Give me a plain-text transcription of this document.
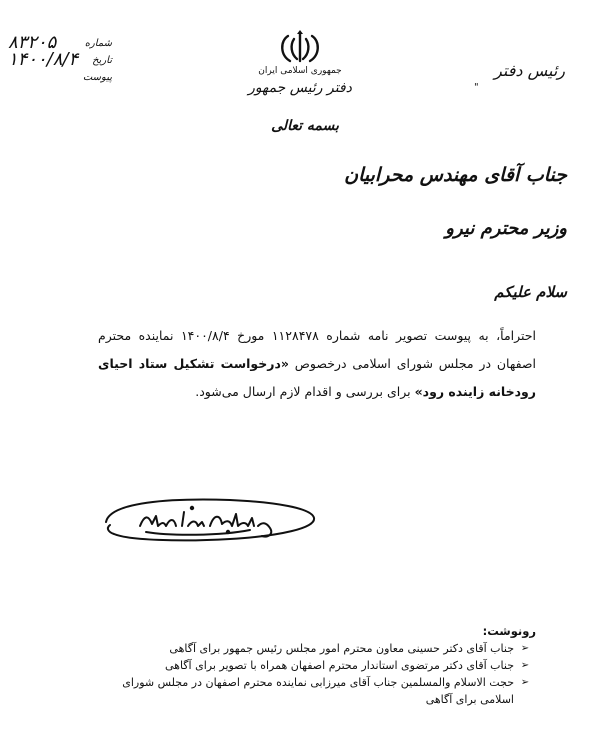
۸۳۲۰۵	شماره
۱۴۰۰/۸/۴ تاریخ
پیوست
جمهوری اسلامی ایران
دفتر رئیس جمهور
رئیس دفتر
"
بسمه تعالی
جناب آقای مهندس محرابیان
وزیر محترم نیرو
سلام علیکم
احتراماً، به پیوست تصویر نامه شماره ۱۱۲۸۴۷۸ مورخ ۱۴۰۰/۸/۴ نماینده محترم اصفهان در مجلس شورای اسلامی درخصوص «درخواست تشکیل ستاد احیای رودخانه زاینده رود» برای بررسی و اقدام لازم ارسال می‌شود.
رونوشت:
➢
جناب آقای دکتر حسینی معاون محترم امور مجلس رئیس جمهور برای آگاهی
➢
جناب آقای دکتر مرتضوی استاندار محترم اصفهان همراه با تصویر برای آگاهی
➢
حجت الاسلام والمسلمین جناب آقای میرزابی نماینده محترم اصفهان در مجلس شورای اسلامی برای آگاهی
